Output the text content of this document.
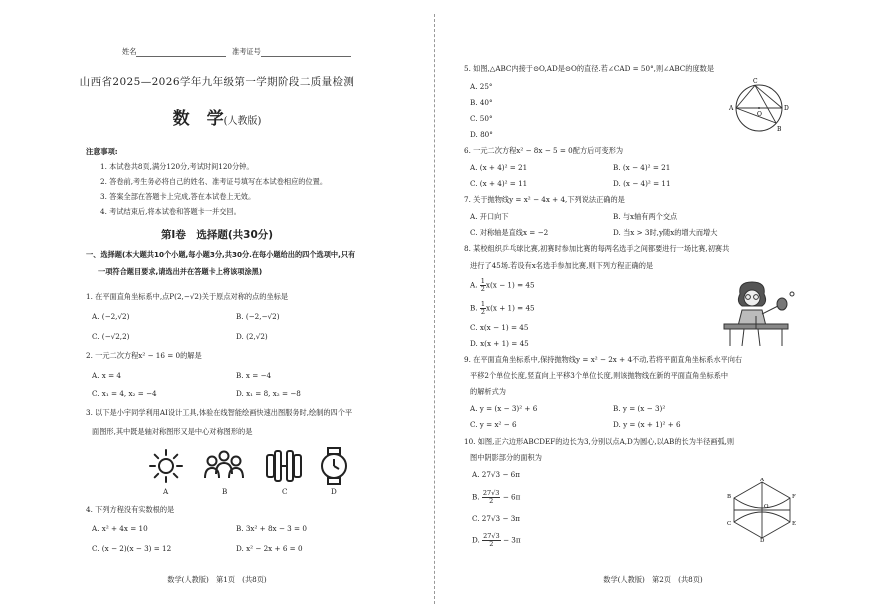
姓名	准考证号
山西省2025—2026学年九年级第一学期阶段二质量检测
数　学(人教版)
注意事项:
1. 本试卷共8页,满分120分,考试时间120分钟。
2. 答卷前,考生务必将自己的姓名、准考证号填写在本试卷相应的位置。
3. 答案全部在答题卡上完成,答在本试卷上无效。
4. 考试结束后,将本试卷和答题卡一并交回。
第Ⅰ卷　选择题(共30分)
一、选择题(本大题共10个小题,每小题3分,共30分.在每小题给出的四个选项中,只有
一项符合题目要求,请选出并在答题卡上将该项涂黑)
1. 在平面直角坐标系中,点P(2,−√2)关于原点对称的点的坐标是
A. (−2,√2)	B. (−2,−√2)
C. (−√2,2)	D. (2,√2)
2. 一元二次方程x² − 16 = 0的解是
A. x = 4	B. x = −4
C. x₁ = 4, x₂ = −4	D. x₁ = 8, x₂ = −8
3. 以下是小宇同学利用AI设计工具,体验在线智能绘画快速出图服务时,绘制的四个平
面图形,其中既是轴对称图形又是中心对称图形的是
A	B	C	D
4. 下列方程没有实数根的是
A. x² + 4x = 10	B. 3x² + 8x − 3 = 0
C. (x − 2)(x − 3) = 12	D. x² − 2x + 6 = 0
数学(人教版)　第1页　(共8页)
5. 如图,△ABC内接于⊙O,AD是⊙O的直径.若∠CAD = 50°,则∠ABC的度数是
A. 25°
B. 40°
C. 50°
D. 80°
C
A
O
D
B
6. 一元二次方程x² − 8x − 5 = 0配方后可变形为
A. (x + 4)² = 21	B. (x − 4)² = 21
C. (x + 4)² = 11	D. (x − 4)² = 11
7. 关于抛物线y = x² − 4x + 4,下列说法正确的是
A. 开口向下	B. 与x轴有两个交点
C. 对称轴是直线x = −2	D. 当x > 3时,y随x的增大而增大
8. 某校组织乒乓球比赛,初赛时参加比赛的每两名选手之间都要进行一场比赛,初赛共
进行了45场.若设有x名选手参加比赛,则下列方程正确的是
A. $\frac{1}{2} x(x - 1) = 45$
B. $\frac{1}{2} x(x + 1) = 45$
C. x(x − 1) = 45
D. x(x + 1) = 45
9. 在平面直角坐标系中,保持抛物线y = x² − 2x + 4不动,若将平面直角坐标系水平向右
平移2个单位长度,竖直向上平移3个单位长度,则该抛物线在新的平面直角坐标系中
的解析式为
A. y = (x − 3)² + 6	B. y = (x − 3)²
C. y = x² − 6	D. y = (x + 1)² + 6
10. 如图,正六边形ABCDEF的边长为3,分别以点A,D为圆心,以AB的长为半径画弧,则
图中阴影部分的面积为
A. 27√3 − 6π
B. $\frac{27√3}{2} - 6\pi$
C. 27√3 − 3π
D. $\frac{27√3}{2} - 3\pi$
A
B
C
D
E
F
O
数学(人教版)　第2页　(共8页)
